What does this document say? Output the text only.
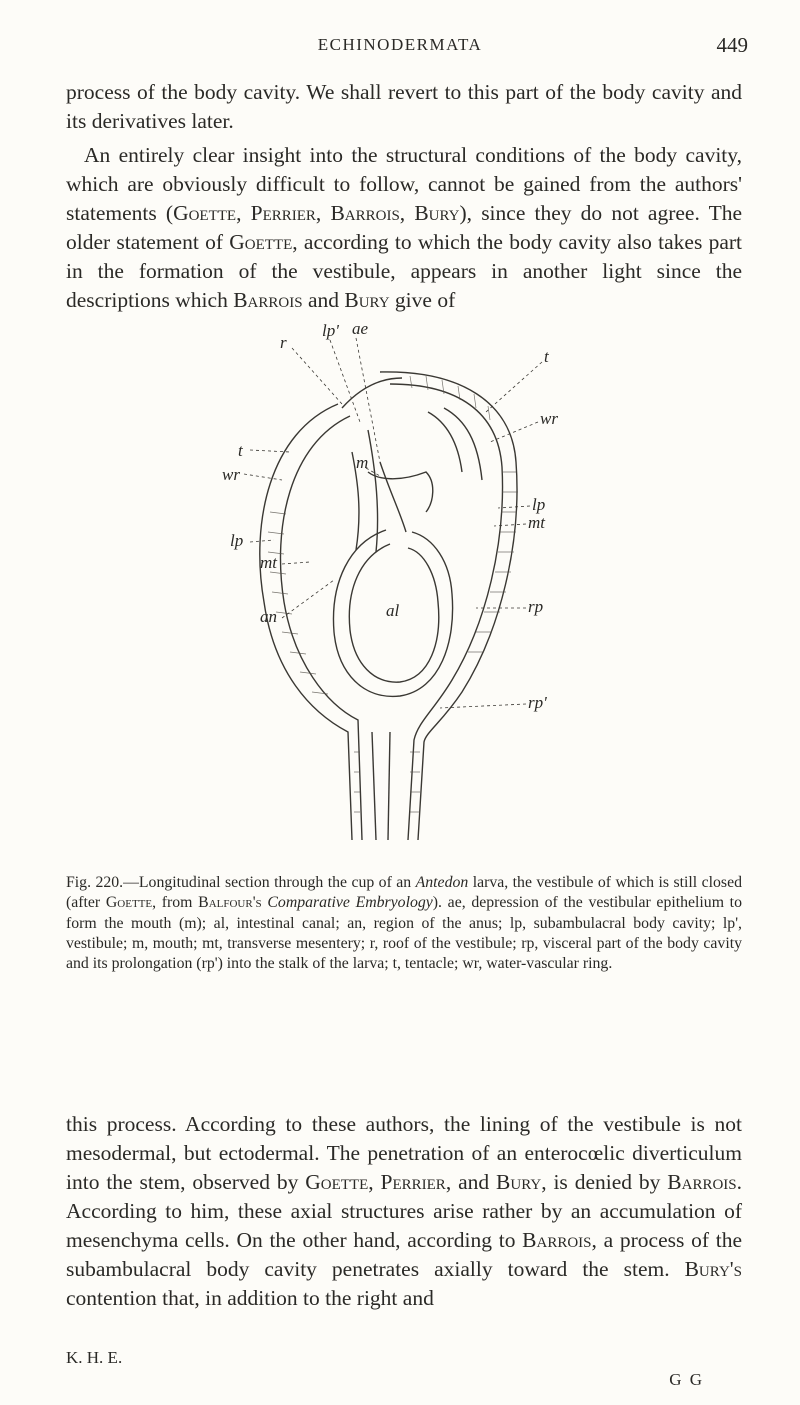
ECHINODERMATA	449

process of the body cavity. We shall revert to this part of the body cavity and its derivatives later.

An entirely clear insight into the structural conditions of the body cavity, which are obviously difficult to follow, cannot be gained from the authors' statements (Goette, Perrier, Barrois, Bury), since they do not agree. The older statement of Goette, according to which the body cavity also takes part in the formation of the vestibule, appears in another light since the descriptions which Barrois and Bury give of

lp' ae
r
t
wr
t
wr
m
lp
mt
lp
mt
al	rp
an
rp'

Fig. 220.—Longitudinal section through the cup of an Antedon larva, the vestibule of which is still closed (after Goette, from Balfour's Comparative Embryology). ae, depression of the vestibular epithelium to form the mouth (m); al, intestinal canal; an, region of the anus; lp, subambulacral body cavity; lp', vestibule; m, mouth; mt, transverse mesentery; r, roof of the vestibule; rp, visceral part of the body cavity and its prolongation (rp') into the stalk of the larva; t, tentacle; wr, water-vascular ring.

this process. According to these authors, the lining of the vestibule is not mesodermal, but ectodermal. The penetration of an enterocœlic diverticulum into the stem, observed by Goette, Perrier, and Bury, is denied by Barrois. According to him, these axial structures arise rather by an accumulation of mesenchyma cells. On the other hand, according to Barrois, a process of the subambulacral body cavity penetrates axially toward the stem. Bury's contention that, in addition to the right and

K. H. E.
G G
